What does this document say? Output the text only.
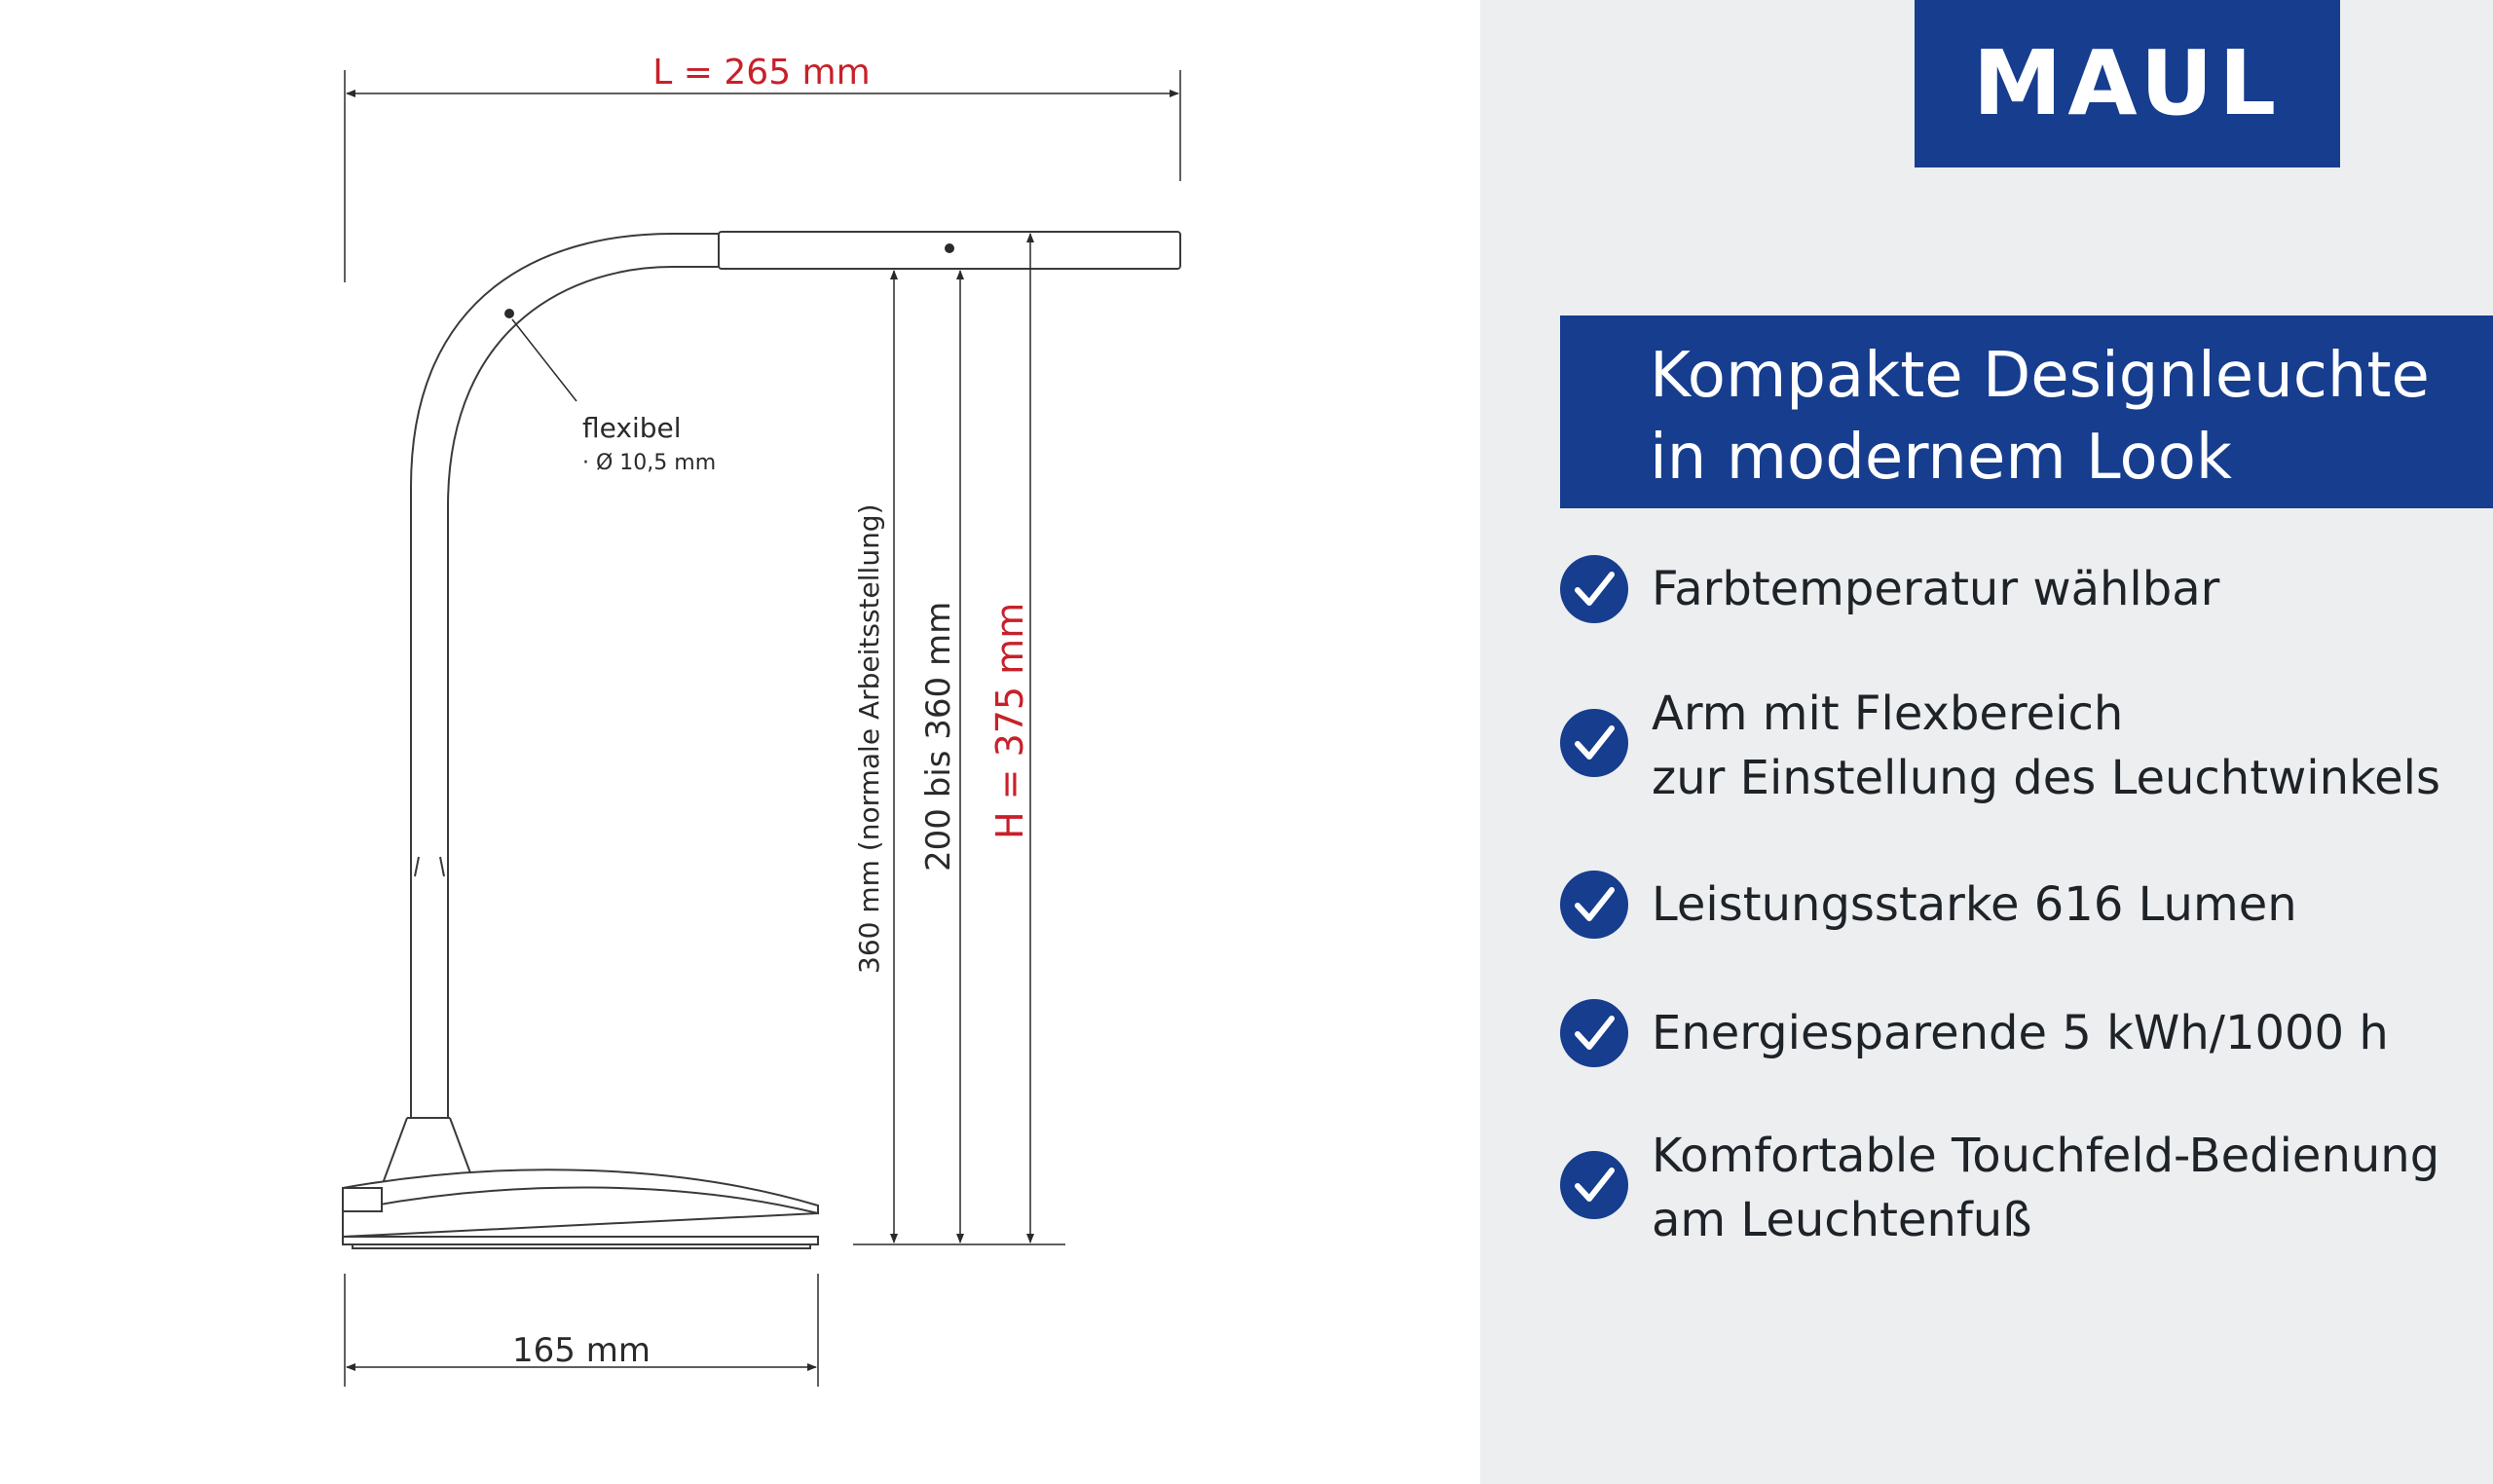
flexibel
· Ø 10,5 mm
L = 265 mm
360 mm (normale Arbeitsstellung) 200 bis 360 mm H = 375 mm
165 mm
MAUL
Kompakte Designleuchte
in modernem Look
Farbtemperatur wählbar
Arm mit Flexbereich
zur Einstellung des Leuchtwinkels
Leistungsstarke 616 Lumen
Energiesparende 5 kWh/1000 h
Komfortable Touchfeld-Bedienung
am Leuchtenfuß
